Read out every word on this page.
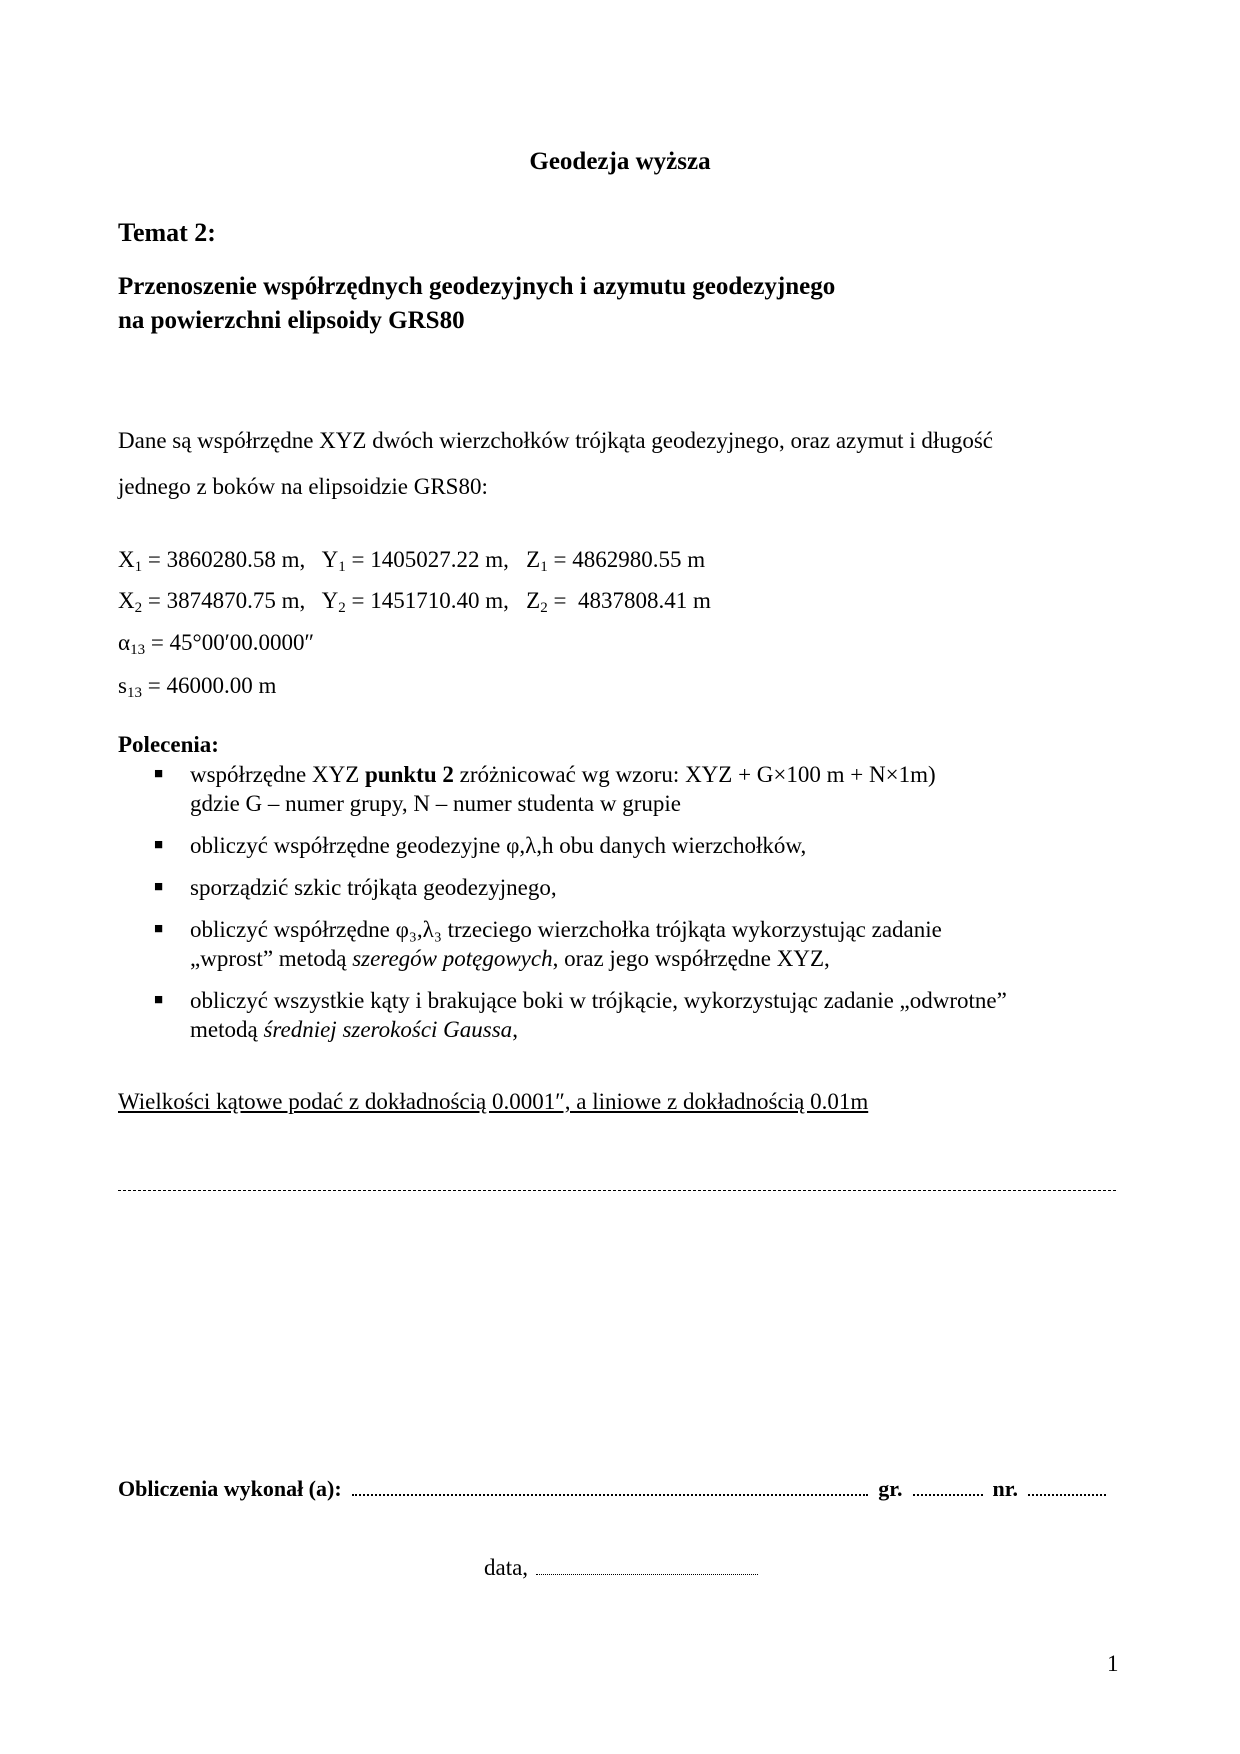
Geodezja wyższa
Temat 2:
Przenoszenie współrzędnych geodezyjnych i azymutu geodezyjnego
na powierzchni elipsoidy GRS80
Dane są współrzędne XYZ dwóch wierzchołków trójkąta geodezyjnego, oraz azymut i długość
jednego z boków na elipsoidzie GRS80:
$X_1 = 3860280.58$ m,   $Y_1 = 1405027.22$ m,   $Z_1 = 4862980.55$ m
$X_2 = 3874870.75$ m,   $Y_2 = 1451710.40$ m,   $Z_2 = 4837808.41$ m
$\alpha_{13} = 45^\circ 00'00.0000''$
$s_{13} = 46000.00$ m
Polecenia:
■ współrzędne XYZ punktu 2 zróżnicować wg wzoru: XYZ + G×100 m + N×1m)
gdzie G – numer grupy, N – numer studenta w grupie
■ obliczyć współrzędne geodezyjne φ,λ,h obu danych wierzchołków,
■ sporządzić szkic trójkąta geodezyjnego,
■ obliczyć współrzędne φ₃,λ₃ trzeciego wierzchołka trójkąta wykorzystując zadanie
„wprost” metodą szeregów potęgowych, oraz jego współrzędne XYZ,
■ obliczyć wszystkie kąty i brakujące boki w trójkącie, wykorzystując zadanie „odwrotne”
metodą średniej szerokości Gaussa,
Wielkości kątowe podać z dokładnością 0.0001″, a liniowe z dokładnością 0.01m
Obliczenia wykonał (a):	gr.	nr.
data,
1
